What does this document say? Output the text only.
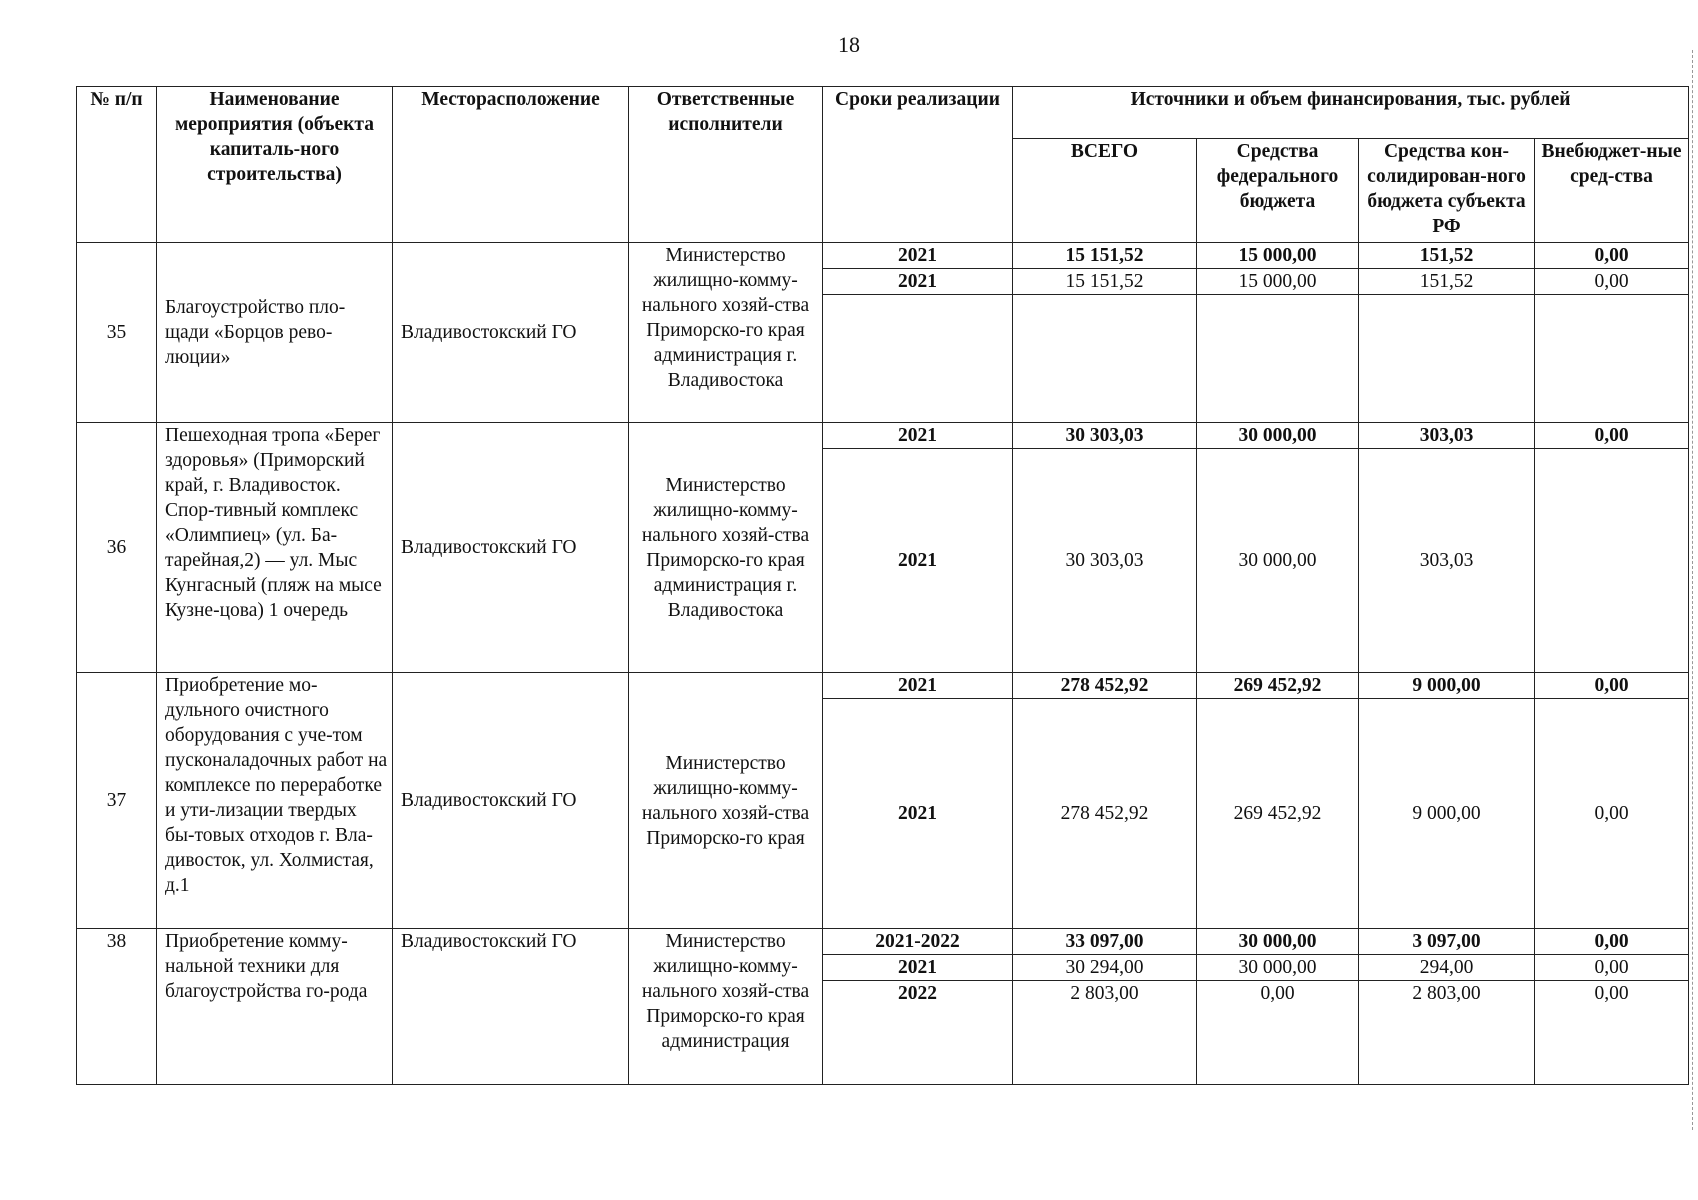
18
№ п/п	Наименование мероприятия (объекта капиталь-ного строительства)	Месторасположение	Ответственные исполнители	Сроки реализации	Источники и объем финансирования, тыс. рублей			
					ВСЕГО	Средства федерального бюджета	Средства кон-солидирован-ного бюджета субъекта РФ	Внебюджет-ные сред-ства
35	Благоустройство пло-щади «Борцов рево-люции»	Владивостокский ГО	Министерство жилищно-комму-нального хозяй-ства Приморско-го края администрация г. Владивостока	2021	15 151,52	15 000,00	151,52	0,00
				2021	15 151,52	15 000,00	151,52	0,00

36	Пешеходная тропа «Берег здоровья» (Приморский край, г. Владивосток. Спор-тивный комплекс «Олимпиец» (ул. Ба-тарейная,2) — ул. Мыс Кунгасный (пляж на мысе Кузне-цова) 1 очередь	Владивостокский ГО	Министерство жилищно-комму-нального хозяй-ства Приморско-го края администрация г. Владивостока	2021	30 303,03	30 000,00	303,03	0,00
				2021	30 303,03	30 000,00	303,03	
37	Приобретение мо-дульного очистного оборудования с уче-том пусконаладочных работ на комплексе по переработке и ути-лизации твердых бы-товых отходов г. Вла-дивосток, ул. Холмистая, д.1	Владивостокский ГО	Министерство жилищно-комму-нального хозяй-ства Приморско-го края	2021	278 452,92	269 452,92	9 000,00	0,00
				2021	278 452,92	269 452,92	9 000,00	0,00
38	Приобретение комму-нальной техники для благоустройства го-рода	Владивостокский ГО	Министерство жилищно-комму-нального хозяй-ства Приморско-го края администрация	2021-2022	33 097,00	30 000,00	3 097,00	0,00
				2021	30 294,00	30 000,00	294,00	0,00
				2022	2 803,00	0,00	2 803,00	0,00
